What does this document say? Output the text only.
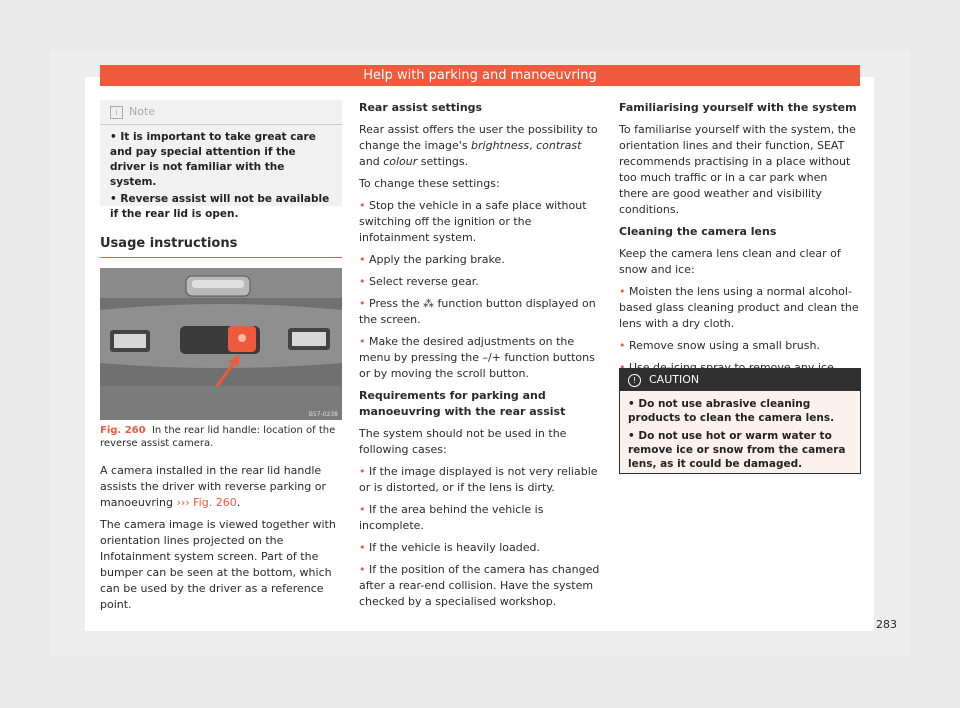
Help with parking and manoeuvring
i Note
• It is important to take great care and pay special attention if the driver is not familiar with the system.
• Reverse assist will not be available if the rear lid is open.
Usage instructions
B57-0238
Fig. 260 In the rear lid handle: location of the reverse assist camera.

A camera installed in the rear lid handle assists the driver with reverse parking or manoeuvring ››› Fig. 260.

The camera image is viewed together with orientation lines projected on the Infotainment system screen. Part of the bumper can be seen at the bottom, which can be used by the driver as a reference point.

Rear assist settings

Rear assist offers the user the possibility to change the image's brightness, contrast and colour settings.

To change these settings:

• Stop the vehicle in a safe place without switching off the ignition or the infotainment system.

• Apply the parking brake.

• Select reverse gear.

• Press the ⁂ function button displayed on the screen.

• Make the desired adjustments on the menu by pressing the –/+ function buttons or by moving the scroll button.

Requirements for parking and manoeuvring with the rear assist

The system should not be used in the following cases:

• If the image displayed is not very reliable or is distorted, or if the lens is dirty.

• If the area behind the vehicle is incomplete.

• If the vehicle is heavily loaded.

• If the position of the camera has changed after a rear-end collision. Have the system checked by a specialised workshop.

Familiarising yourself with the system

To familiarise yourself with the system, the orientation lines and their function, SEAT recommends practising in a place without too much traffic or in a car park when there are good weather and visibility conditions.

Cleaning the camera lens

Keep the camera lens clean and clear of snow and ice:

• Moisten the lens using a normal alcohol-based glass cleaning product and clean the lens with a dry cloth.

• Remove snow using a small brush.

! CAUTION
• Do not use abrasive cleaning products to clean the camera lens.
• Do not use hot or warm water to remove ice or snow from the camera lens, as it could be damaged.
283
